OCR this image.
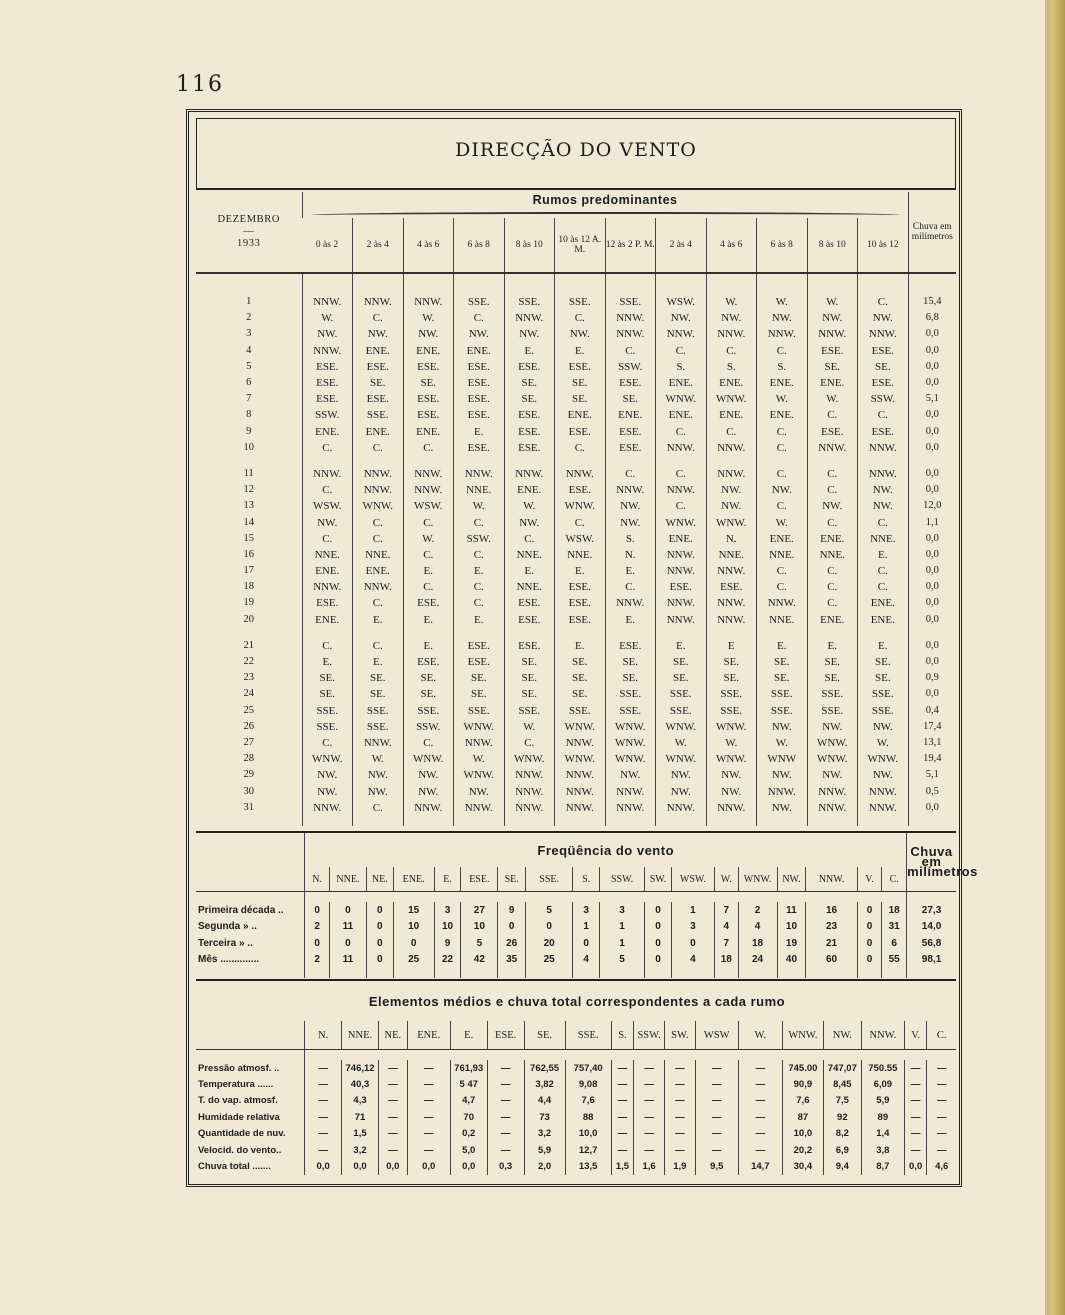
116
DIRECÇÃO DO VENTO
DEZEMBRO
—
1933	Rumos predominantes												Chuva em milímetros
	0 às 2	2 às 4	4 às 6	6 às 8	8 às 10	10 às 12 A. M.	12 às 2 P. M.	2 às 4	4 às 6	6 às 8	8 às 10	10 às 12	

1	NNW.	NNW.	NNW.	SSE.	SSE.	SSE.	SSE.	WSW.	W.	W.	W.	C.	15,4
2	W.	C.	W.	C.	NNW.	C.	NNW.	NW.	NW.	NW.	NW.	NW.	6,8
3	NW.	NW.	NW.	NW.	NW.	NW.	NNW.	NNW.	NNW.	NNW.	NNW.	NNW.	0,0
4	NNW.	ENE.	ENE.	ENE.	E.	E.	C.	C.	C.	C.	ESE.	ESE.	0,0
5	ESE.	ESE.	ESE.	ESE.	ESE.	ESE.	SSW.	S.	S.	S.	SE.	SE.	0,0
6	ESE.	SE.	SE.	ESE.	SE.	SE.	ESE.	ENE.	ENE.	ENE.	ENE.	ESE.	0,0
7	ESE.	ESE.	ESE.	ESE.	SE.	SE.	SE.	WNW.	WNW.	W.	W.	SSW.	5,1
8	SSW.	SSE.	ESE.	ESE.	ESE.	ENE.	ENE.	ENE.	ENE.	ENE.	C.	C.	0,0
9	ENE.	ENE.	ENE.	E.	ESE.	ESE.	ESE.	C.	C.	C.	ESE.	ESE.	0,0
10	C.	C.	C.	ESE.	ESE.	C.	ESE.	NNW.	NNW.	C.	NNW.	NNW.	0,0

11	NNW.	NNW.	NNW.	NNW.	NNW.	NNW.	C.	C.	NNW.	C.	C.	NNW.	0,0
12	C.	NNW.	NNW.	NNE.	ENE.	ESE.	NNW.	NNW.	NW.	NW.	C.	NW.	0,0
13	WSW.	WNW.	WSW.	W.	W.	WNW.	NW.	C.	NW.	C.	NW.	NW.	12,0
14	NW.	C.	C.	C.	NW.	C.	NW.	WNW.	WNW.	W.	C.	C.	1,1
15	C.	C.	W.	SSW.	C.	WSW.	S.	ENE.	N.	ENE.	ENE.	NNE.	0,0
16	NNE.	NNE.	C.	C.	NNE.	NNE.	N.	NNW.	NNE.	NNE.	NNE.	E.	0,0
17	ENE.	ENE.	E.	E.	E.	E.	E.	NNW.	NNW.	C.	C.	C.	0,0
18	NNW.	NNW.	C.	C.	NNE.	ESE.	C.	ESE.	ESE.	C.	C.	C.	0,0
19	ESE.	C.	ESE.	C.	ESE.	ESE.	NNW.	NNW.	NNW.	NNW.	C.	ENE.	0,0
20	ENE.	E.	E.	E.	ESE.	ESE.	E.	NNW.	NNW.	NNE.	ENE.	ENE.	0,0

21	C.	C.	E.	ESE.	ESE.	E.	ESE.	E.	E	E.	E.	E.	0,0
22	E.	E.	ESE.	ESE.	SE.	SE.	SE.	SE.	SE.	SE.	SE.	SE.	0,0
23	SE.	SE.	SE.	SE.	SE.	SE.	SE.	SE.	SE.	SE.	SE.	SE.	0,9
24	SE.	SE.	SE.	SE.	SE.	SE.	SSE.	SSE.	SSE.	SSE.	SSE.	SSE.	0,0
25	SSE.	SSE.	SSE.	SSE.	SSE.	SSE.	SSE.	SSE.	SSE.	SSE.	SSE.	SSE.	0,4
26	SSE.	SSE.	SSW.	WNW.	W.	WNW.	WNW.	WNW.	WNW.	NW.	NW.	NW.	17,4
27	C.	NNW.	C.	NNW.	C.	NNW.	WNW.	W.	W.	W.	WNW.	W.	13,1
28	WNW.	W.	WNW.	W.	WNW.	WNW.	WNW.	WNW.	WNW.	WNW	WNW.	WNW.	19,4
29	NW.	NW.	NW.	WNW.	NNW.	NNW.	NW.	NW.	NW.	NW.	NW.	NW.	5,1
30	NW.	NW.	NW.	NW.	NNW.	NNW.	NNW.	NW.	NW.	NNW.	NNW.	NNW.	0,5
31	NNW.	C.	NNW.	NNW.	NNW.	NNW.	NNW.	NNW.	NNW.	NW.	NNW.	NNW.	0,0

	Freqüência do vento																		Chuva em milímetros
	N.	NNE.	NE.	ENE.	E.	ESE.	SE.	SSE.	S.	SSW.	SW.	WSW.	W.	WNW.	NW.	NNW.	V.	C.	

Primeira década ..	0	0	0	15	3	27	9	5	3	3	0	1	7	2	11	16	0	18	27,3
Segunda » ..	2	11	0	10	10	10	0	0	1	1	0	3	4	4	10	23	0	31	14,0
Terceira » ..	0	0	0	0	9	5	26	20	0	1	0	0	7	18	19	21	0	6	56,8
Mês ..............	2	11	0	25	22	42	35	25	4	5	0	4	18	24	40	60	0	55	98,1

Elementos médios e chuva total correspondentes a cada rumo																		
	N.	NNE.	NE.	ENE.	E.	ESE.	SE.	SSE.	S.	SSW.	SW.	WSW	W.	WNW.	NW.	NNW.	V.	C.

Pressão atmosf. ..	—	746,12	—	—	761,93	—	762,55	757,40	—	—	—	—	—	745.00	747,07	750.55	—	—
Temperatura ......	—	40,3	—	—	5 47	—	3,82	9,08	—	—	—	—	—	90,9	8,45	6,09	—	—
T. do vap. atmosf.	—	4,3	—	—	4,7	—	4,4	7,6	—	—	—	—	—	7,6	7,5	5,9	—	—
Humidade relativa	—	71	—	—	70	—	73	88	—	—	—	—	—	87	92	89	—	—
Quantidade de nuv.	—	1,5	—	—	0,2	—	3,2	10,0	—	—	—	—	—	10,0	8,2	1,4	—	—
Velocid. do vento..	—	3,2	—	—	5,0	—	5,9	12,7	—	—	—	—	—	20,2	6,9	3,8	—	—
Chuva total .......	0,0	0,0	0,0	0,0	0,0	0,3	2,0	13,5	1,5	1,6	1,9	9,5	14,7	30,4	9,4	8,7	0,0	4,6
